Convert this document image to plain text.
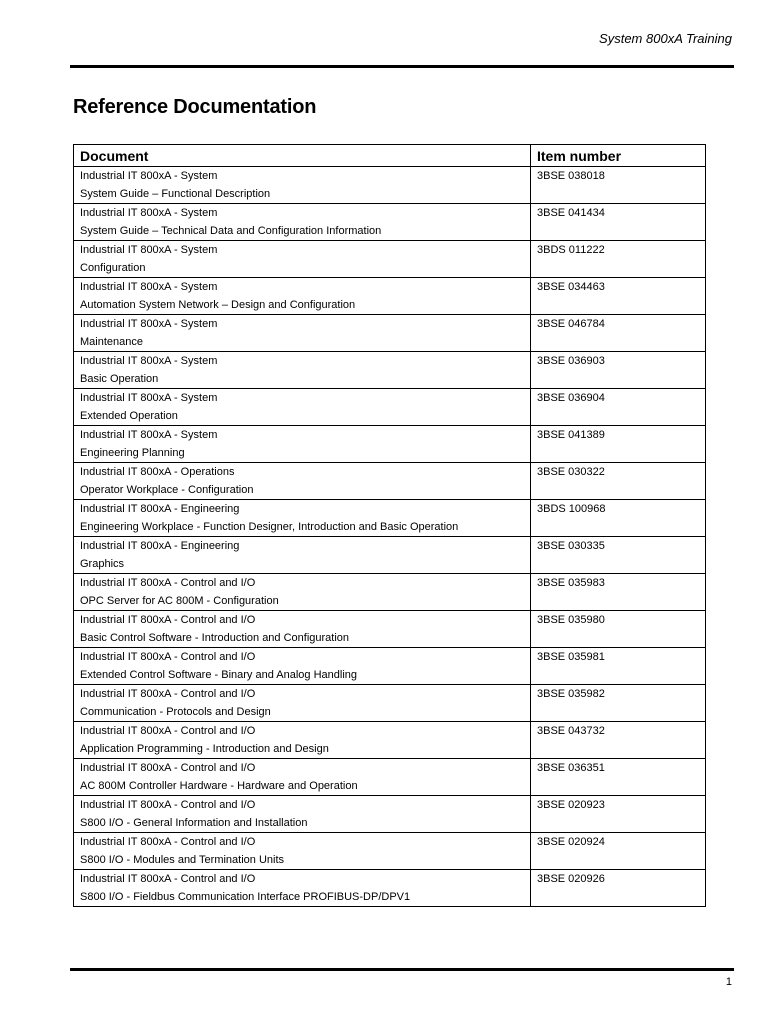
System 800xA Training
Reference Documentation
Document	Item number

Industrial IT 800xA - System
System Guide – Functional Description	3BSE 038018

Industrial IT 800xA - System
System Guide – Technical Data and Configuration Information	3BSE 041434

Industrial IT 800xA - System
Configuration	3BDS 011222

Industrial IT 800xA - System
Automation System Network – Design and Configuration	3BSE 034463

Industrial IT 800xA - System
Maintenance	3BSE 046784

Industrial IT 800xA - System
Basic Operation	3BSE 036903

Industrial IT 800xA - System
Extended Operation	3BSE 036904

Industrial IT 800xA - System
Engineering Planning	3BSE 041389

Industrial IT 800xA - Operations
Operator Workplace - Configuration	3BSE 030322

Industrial IT 800xA - Engineering
Engineering Workplace - Function Designer, Introduction and Basic Operation	3BDS 100968

Industrial IT 800xA - Engineering
Graphics	3BSE 030335

Industrial IT 800xA - Control and I/O
OPC Server for AC 800M - Configuration	3BSE 035983

Industrial IT 800xA - Control and I/O
Basic Control Software - Introduction and Configuration	3BSE 035980

Industrial IT 800xA - Control and I/O
Extended Control Software - Binary and Analog Handling	3BSE 035981

Industrial IT 800xA - Control and I/O
Communication - Protocols and Design	3BSE 035982

Industrial IT 800xA - Control and I/O
Application Programming - Introduction and Design	3BSE 043732

Industrial IT 800xA - Control and I/O
AC 800M Controller Hardware - Hardware and Operation	3BSE 036351

Industrial IT 800xA - Control and I/O
S800 I/O - General Information and Installation	3BSE 020923

Industrial IT 800xA - Control and I/O
S800 I/O - Modules and Termination Units	3BSE 020924

Industrial IT 800xA - Control and I/O
S800 I/O - Fieldbus Communication Interface PROFIBUS-DP/DPV1	3BSE 020926
1
